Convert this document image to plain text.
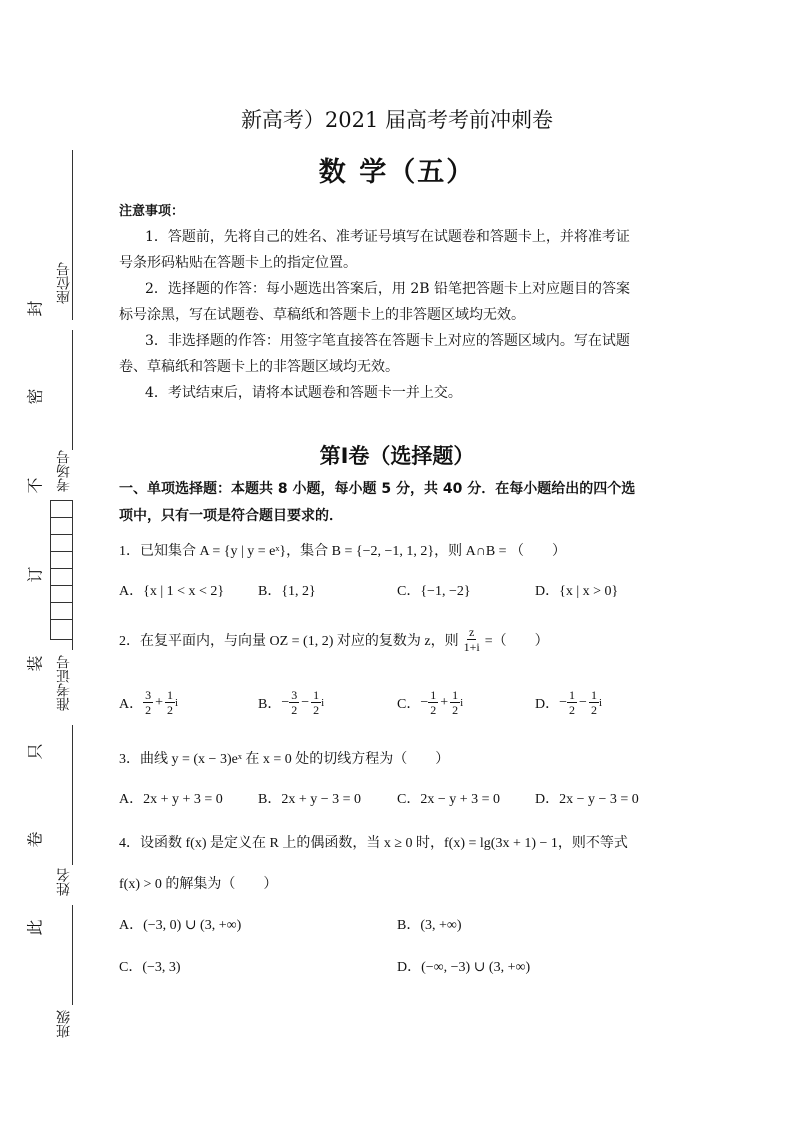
座位号
考场号
准考证号
姓名
班级
封
密
不
订
装
只
卷
此
新高考）2021 届高考考前冲刺卷
数 学（五）
注意事项：
1．答题前，先将自己的姓名、准考证号填写在试题卷和答题卡上，并将准考证
号条形码粘贴在答题卡上的指定位置。
2．选择题的作答：每小题选出答案后，用 2B 铅笔把答题卡上对应题目的答案
标号涂黑，写在试题卷、草稿纸和答题卡上的非答题区域均无效。
3．非选择题的作答：用签字笔直接答在答题卡上对应的答题区域内。写在试题
卷、草稿纸和答题卡上的非答题区域均无效。
4．考试结束后，请将本试题卷和答题卡一并上交。
第Ⅰ卷（选择题）
一、单项选择题：本题共 8 小题，每小题 5 分，共 40 分．在每小题给出的四个选
项中，只有一项是符合题目要求的．
1．已知集合 A = {y | y = eˣ}，集合 B = {−2, −1, 1, 2}，则 A∩B = （　　）
A．{x | 1 < x < 2} B．{1, 2}	C．{−1, −2}	D．{x | x > 0}
2．在复平面内，与向量 OZ = (1, 2) 对应的复数为 z，则 $\frac{z}{1+i}$ =（　　）
A． $\frac{3}{2} + \frac{1}{2}$ i	B． − $\frac{3}{2} - \frac{1}{2}$ i	C． − $\frac{1}{2} + \frac{1}{2}$ i	D． − $\frac{1}{2} - \frac{1}{2}$ i
3．曲线 y = (x − 3)eˣ 在 x = 0 处的切线方程为（　　）
A．2x + y + 3 = 0	B．2x + y − 3 = 0	C．2x − y + 3 = 0 D．2x − y − 3 = 0
4．设函数 f(x) 是定义在 R 上的偶函数，当 x ≥ 0 时，f(x) = lg(3x + 1) − 1，则不等式
f(x) > 0 的解集为（　　）
A．(−3, 0) ∪ (3, +∞)	B．(3, +∞)
C．(−3, 3)	D．(−∞, −3) ∪ (3, +∞)
